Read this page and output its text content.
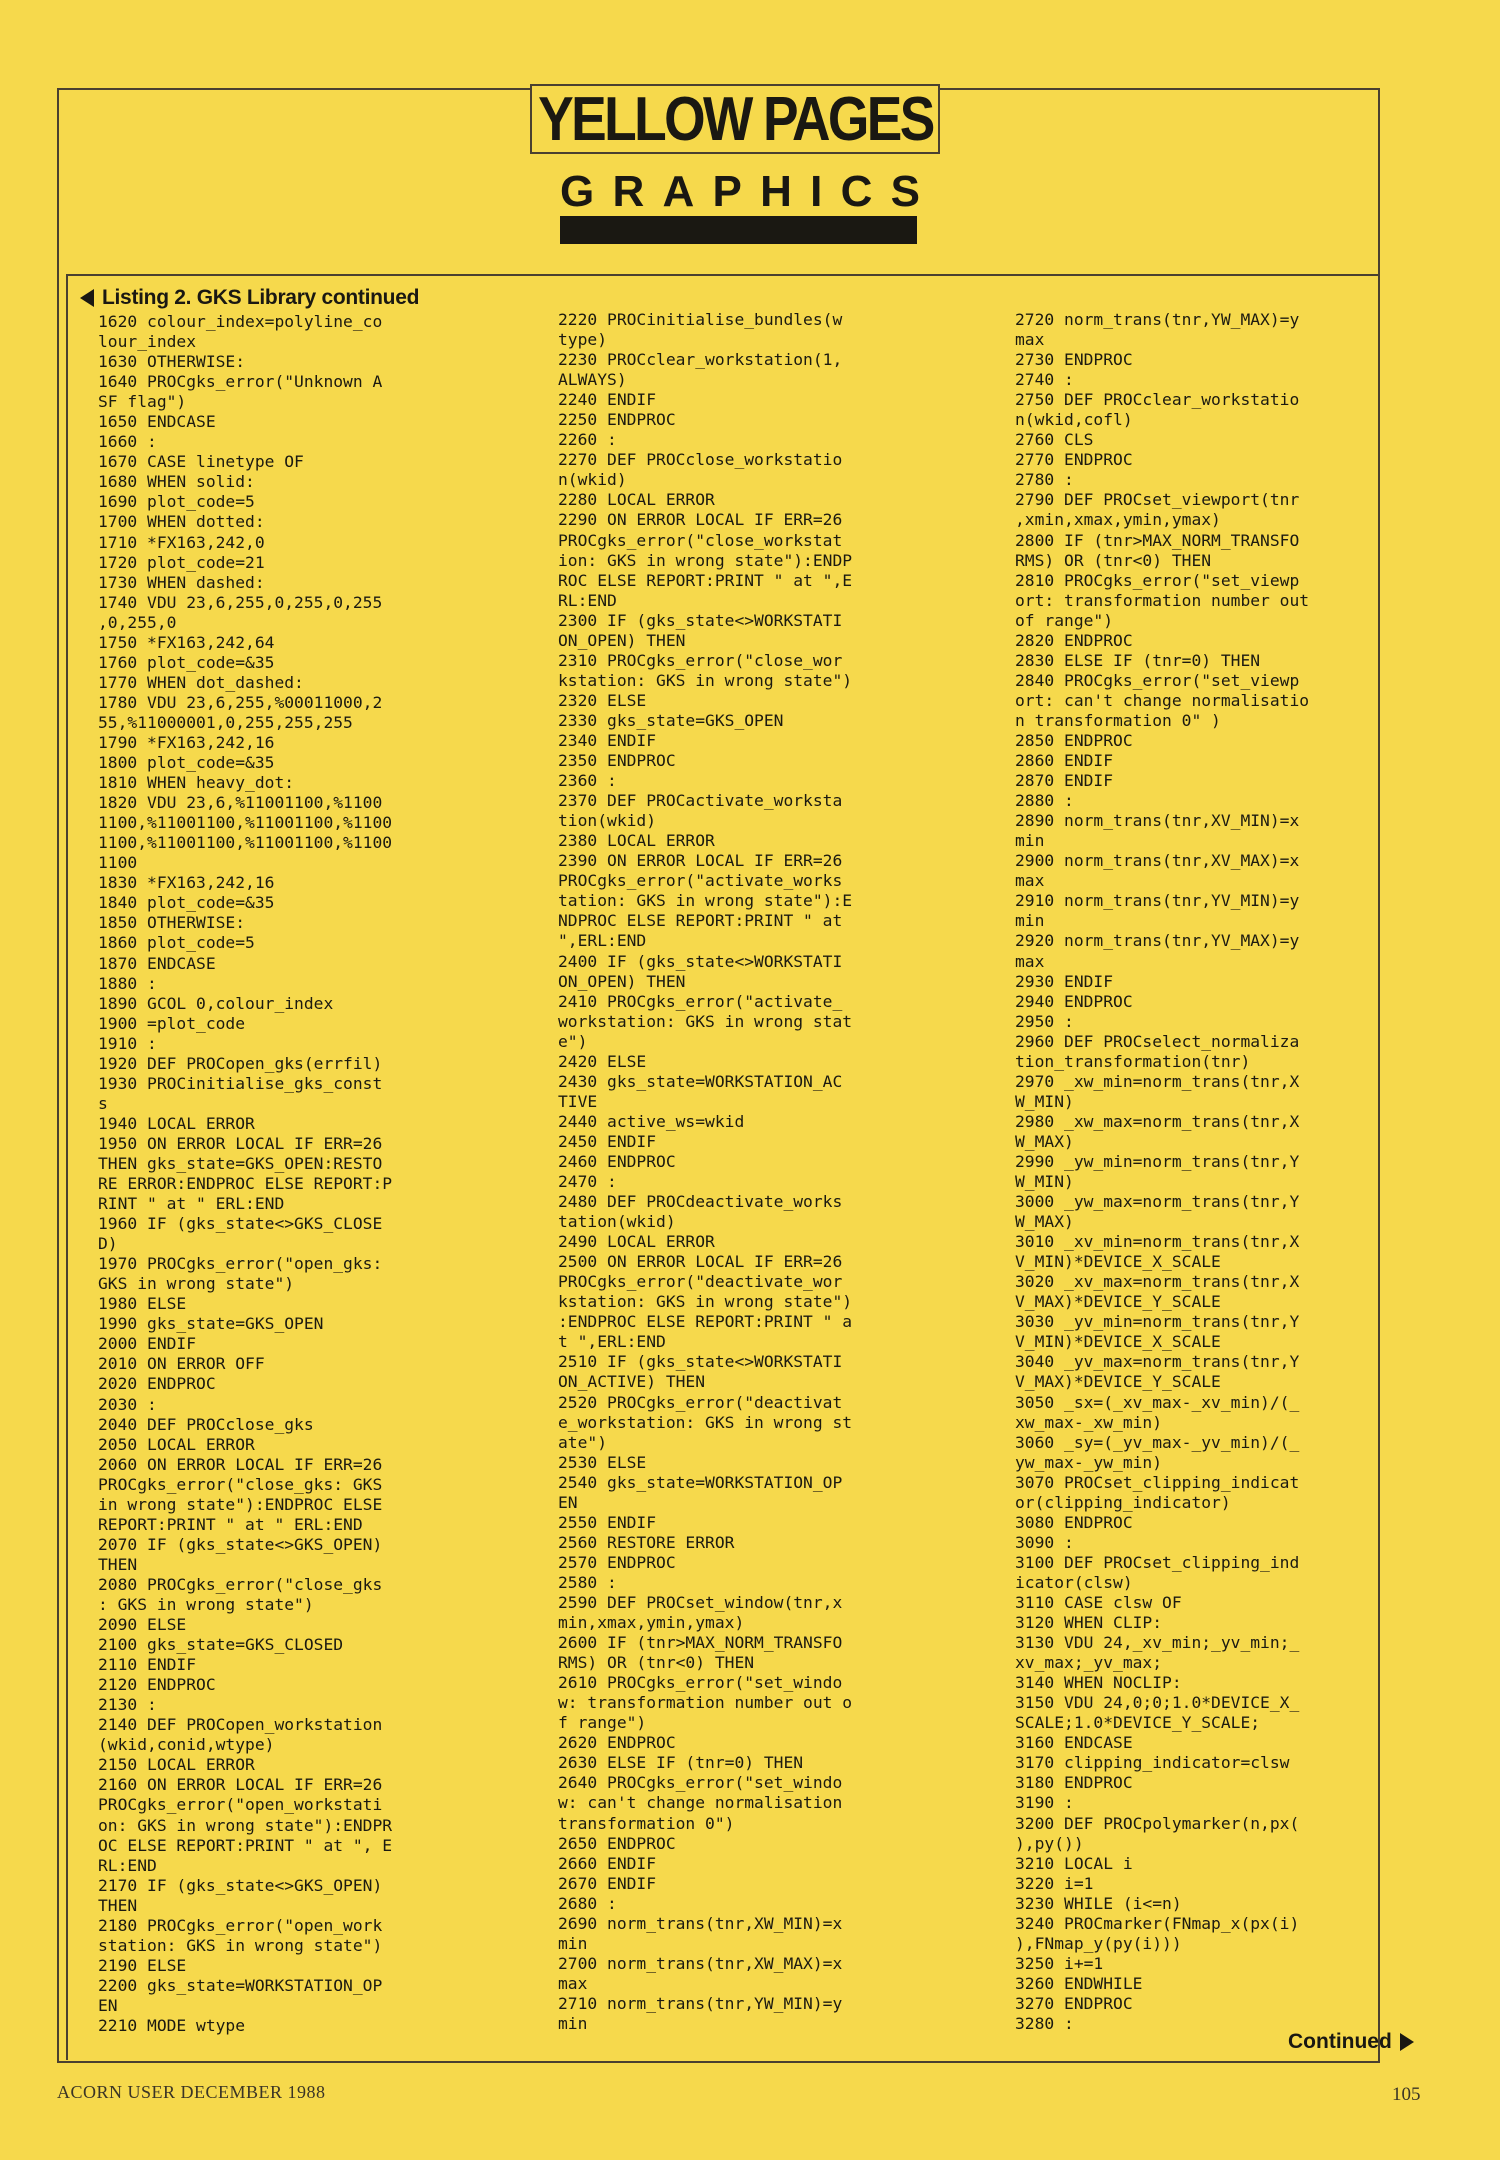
YELLOW PAGES
G R A P H I C S
Listing 2. GKS Library continued
1620 colour_index=polyline_co
lour_index
1630 OTHERWISE:
1640 PROCgks_error("Unknown A
SF flag")
1650 ENDCASE
1660 :
1670 CASE linetype OF
1680 WHEN solid:
1690 plot_code=5
1700 WHEN dotted:
1710 *FX163,242,0
1720 plot_code=21
1730 WHEN dashed:
1740 VDU 23,6,255,0,255,0,255
,0,255,0
1750 *FX163,242,64
1760 plot_code=&35
1770 WHEN dot_dashed:
1780 VDU 23,6,255,%00011000,2
55,%11000001,0,255,255,255
1790 *FX163,242,16
1800 plot_code=&35
1810 WHEN heavy_dot:
1820 VDU 23,6,%11001100,%1100
1100,%11001100,%11001100,%1100
1100,%11001100,%11001100,%1100
1100
1830 *FX163,242,16
1840 plot_code=&35
1850 OTHERWISE:
1860 plot_code=5
1870 ENDCASE
1880 :
1890 GCOL 0,colour_index
1900 =plot_code
1910 :
1920 DEF PROCopen_gks(errfil)
1930 PROCinitialise_gks_const
s
1940 LOCAL ERROR
1950 ON ERROR LOCAL IF ERR=26
THEN gks_state=GKS_OPEN:RESTO
RE ERROR:ENDPROC ELSE REPORT:P
RINT " at " ERL:END
1960 IF (gks_state<>GKS_CLOSE
D)
1970 PROCgks_error("open_gks:
GKS in wrong state")
1980 ELSE
1990 gks_state=GKS_OPEN
2000 ENDIF
2010 ON ERROR OFF
2020 ENDPROC
2030 :
2040 DEF PROCclose_gks
2050 LOCAL ERROR
2060 ON ERROR LOCAL IF ERR=26
PROCgks_error("close_gks: GKS
in wrong state"):ENDPROC ELSE
REPORT:PRINT " at " ERL:END
2070 IF (gks_state<>GKS_OPEN)
THEN
2080 PROCgks_error("close_gks
: GKS in wrong state")
2090 ELSE
2100 gks_state=GKS_CLOSED
2110 ENDIF
2120 ENDPROC
2130 :
2140 DEF PROCopen_workstation
(wkid,conid,wtype)
2150 LOCAL ERROR
2160 ON ERROR LOCAL IF ERR=26
PROCgks_error("open_workstati
on: GKS in wrong state"):ENDPR
OC ELSE REPORT:PRINT " at ", E
RL:END
2170 IF (gks_state<>GKS_OPEN)
THEN
2180 PROCgks_error("open_work
station: GKS in wrong state")
2190 ELSE
2200 gks_state=WORKSTATION_OP
EN
2210 MODE wtype
2220 PROCinitialise_bundles(w
type)
2230 PROCclear_workstation(1,
ALWAYS)
2240 ENDIF
2250 ENDPROC
2260 :
2270 DEF PROCclose_workstatio
n(wkid)
2280 LOCAL ERROR
2290 ON ERROR LOCAL IF ERR=26
PROCgks_error("close_workstat
ion: GKS in wrong state"):ENDP
ROC ELSE REPORT:PRINT " at ",E
RL:END
2300 IF (gks_state<>WORKSTATI
ON_OPEN) THEN
2310 PROCgks_error("close_wor
kstation: GKS in wrong state")
2320 ELSE
2330 gks_state=GKS_OPEN
2340 ENDIF
2350 ENDPROC
2360 :
2370 DEF PROCactivate_worksta
tion(wkid)
2380 LOCAL ERROR
2390 ON ERROR LOCAL IF ERR=26
PROCgks_error("activate_works
tation: GKS in wrong state"):E
NDPROC ELSE REPORT:PRINT " at
",ERL:END
2400 IF (gks_state<>WORKSTATI
ON_OPEN) THEN
2410 PROCgks_error("activate_
workstation: GKS in wrong stat
e")
2420 ELSE
2430 gks_state=WORKSTATION_AC
TIVE
2440 active_ws=wkid
2450 ENDIF
2460 ENDPROC
2470 :
2480 DEF PROCdeactivate_works
tation(wkid)
2490 LOCAL ERROR
2500 ON ERROR LOCAL IF ERR=26
PROCgks_error("deactivate_wor
kstation: GKS in wrong state")
:ENDPROC ELSE REPORT:PRINT " a
t ",ERL:END
2510 IF (gks_state<>WORKSTATI
ON_ACTIVE) THEN
2520 PROCgks_error("deactivat
e_workstation: GKS in wrong st
ate")
2530 ELSE
2540 gks_state=WORKSTATION_OP
EN
2550 ENDIF
2560 RESTORE ERROR
2570 ENDPROC
2580 :
2590 DEF PROCset_window(tnr,x
min,xmax,ymin,ymax)
2600 IF (tnr>MAX_NORM_TRANSFO
RMS) OR (tnr<0) THEN
2610 PROCgks_error("set_windo
w: transformation number out o
f range")
2620 ENDPROC
2630 ELSE IF (tnr=0) THEN
2640 PROCgks_error("set_windo
w: can't change normalisation
transformation 0")
2650 ENDPROC
2660 ENDIF
2670 ENDIF
2680 :
2690 norm_trans(tnr,XW_MIN)=x
min
2700 norm_trans(tnr,XW_MAX)=x
max
2710 norm_trans(tnr,YW_MIN)=y
min
2720 norm_trans(tnr,YW_MAX)=y
max
2730 ENDPROC
2740 :
2750 DEF PROCclear_workstatio
n(wkid,cofl)
2760 CLS
2770 ENDPROC
2780 :
2790 DEF PROCset_viewport(tnr
,xmin,xmax,ymin,ymax)
2800 IF (tnr>MAX_NORM_TRANSFO
RMS) OR (tnr<0) THEN
2810 PROCgks_error("set_viewp
ort: transformation number out
of range")
2820 ENDPROC
2830 ELSE IF (tnr=0) THEN
2840 PROCgks_error("set_viewp
ort: can't change normalisatio
n transformation 0" )
2850 ENDPROC
2860 ENDIF
2870 ENDIF
2880 :
2890 norm_trans(tnr,XV_MIN)=x
min
2900 norm_trans(tnr,XV_MAX)=x
max
2910 norm_trans(tnr,YV_MIN)=y
min
2920 norm_trans(tnr,YV_MAX)=y
max
2930 ENDIF
2940 ENDPROC
2950 :
2960 DEF PROCselect_normaliza
tion_transformation(tnr)
2970 _xw_min=norm_trans(tnr,X
W_MIN)
2980 _xw_max=norm_trans(tnr,X
W_MAX)
2990 _yw_min=norm_trans(tnr,Y
W_MIN)
3000 _yw_max=norm_trans(tnr,Y
W_MAX)
3010 _xv_min=norm_trans(tnr,X
V_MIN)*DEVICE_X_SCALE
3020 _xv_max=norm_trans(tnr,X
V_MAX)*DEVICE_Y_SCALE
3030 _yv_min=norm_trans(tnr,Y
V_MIN)*DEVICE_X_SCALE
3040 _yv_max=norm_trans(tnr,Y
V_MAX)*DEVICE_Y_SCALE
3050 _sx=(_xv_max-_xv_min)/(_
xw_max-_xw_min)
3060 _sy=(_yv_max-_yv_min)/(_
yw_max-_yw_min)
3070 PROCset_clipping_indicat
or(clipping_indicator)
3080 ENDPROC
3090 :
3100 DEF PROCset_clipping_ind
icator(clsw)
3110 CASE clsw OF
3120 WHEN CLIP:
3130 VDU 24,_xv_min;_yv_min;_
xv_max;_yv_max;
3140 WHEN NOCLIP:
3150 VDU 24,0;0;1.0*DEVICE_X_
SCALE;1.0*DEVICE_Y_SCALE;
3160 ENDCASE
3170 clipping_indicator=clsw
3180 ENDPROC
3190 :
3200 DEF PROCpolymarker(n,px(
),py())
3210 LOCAL i
3220 i=1
3230 WHILE (i<=n)
3240 PROCmarker(FNmap_x(px(i)
),FNmap_y(py(i)))
3250 i+=1
3260 ENDWHILE
3270 ENDPROC
3280 :
Continued
ACORN USER DECEMBER 1988	105
